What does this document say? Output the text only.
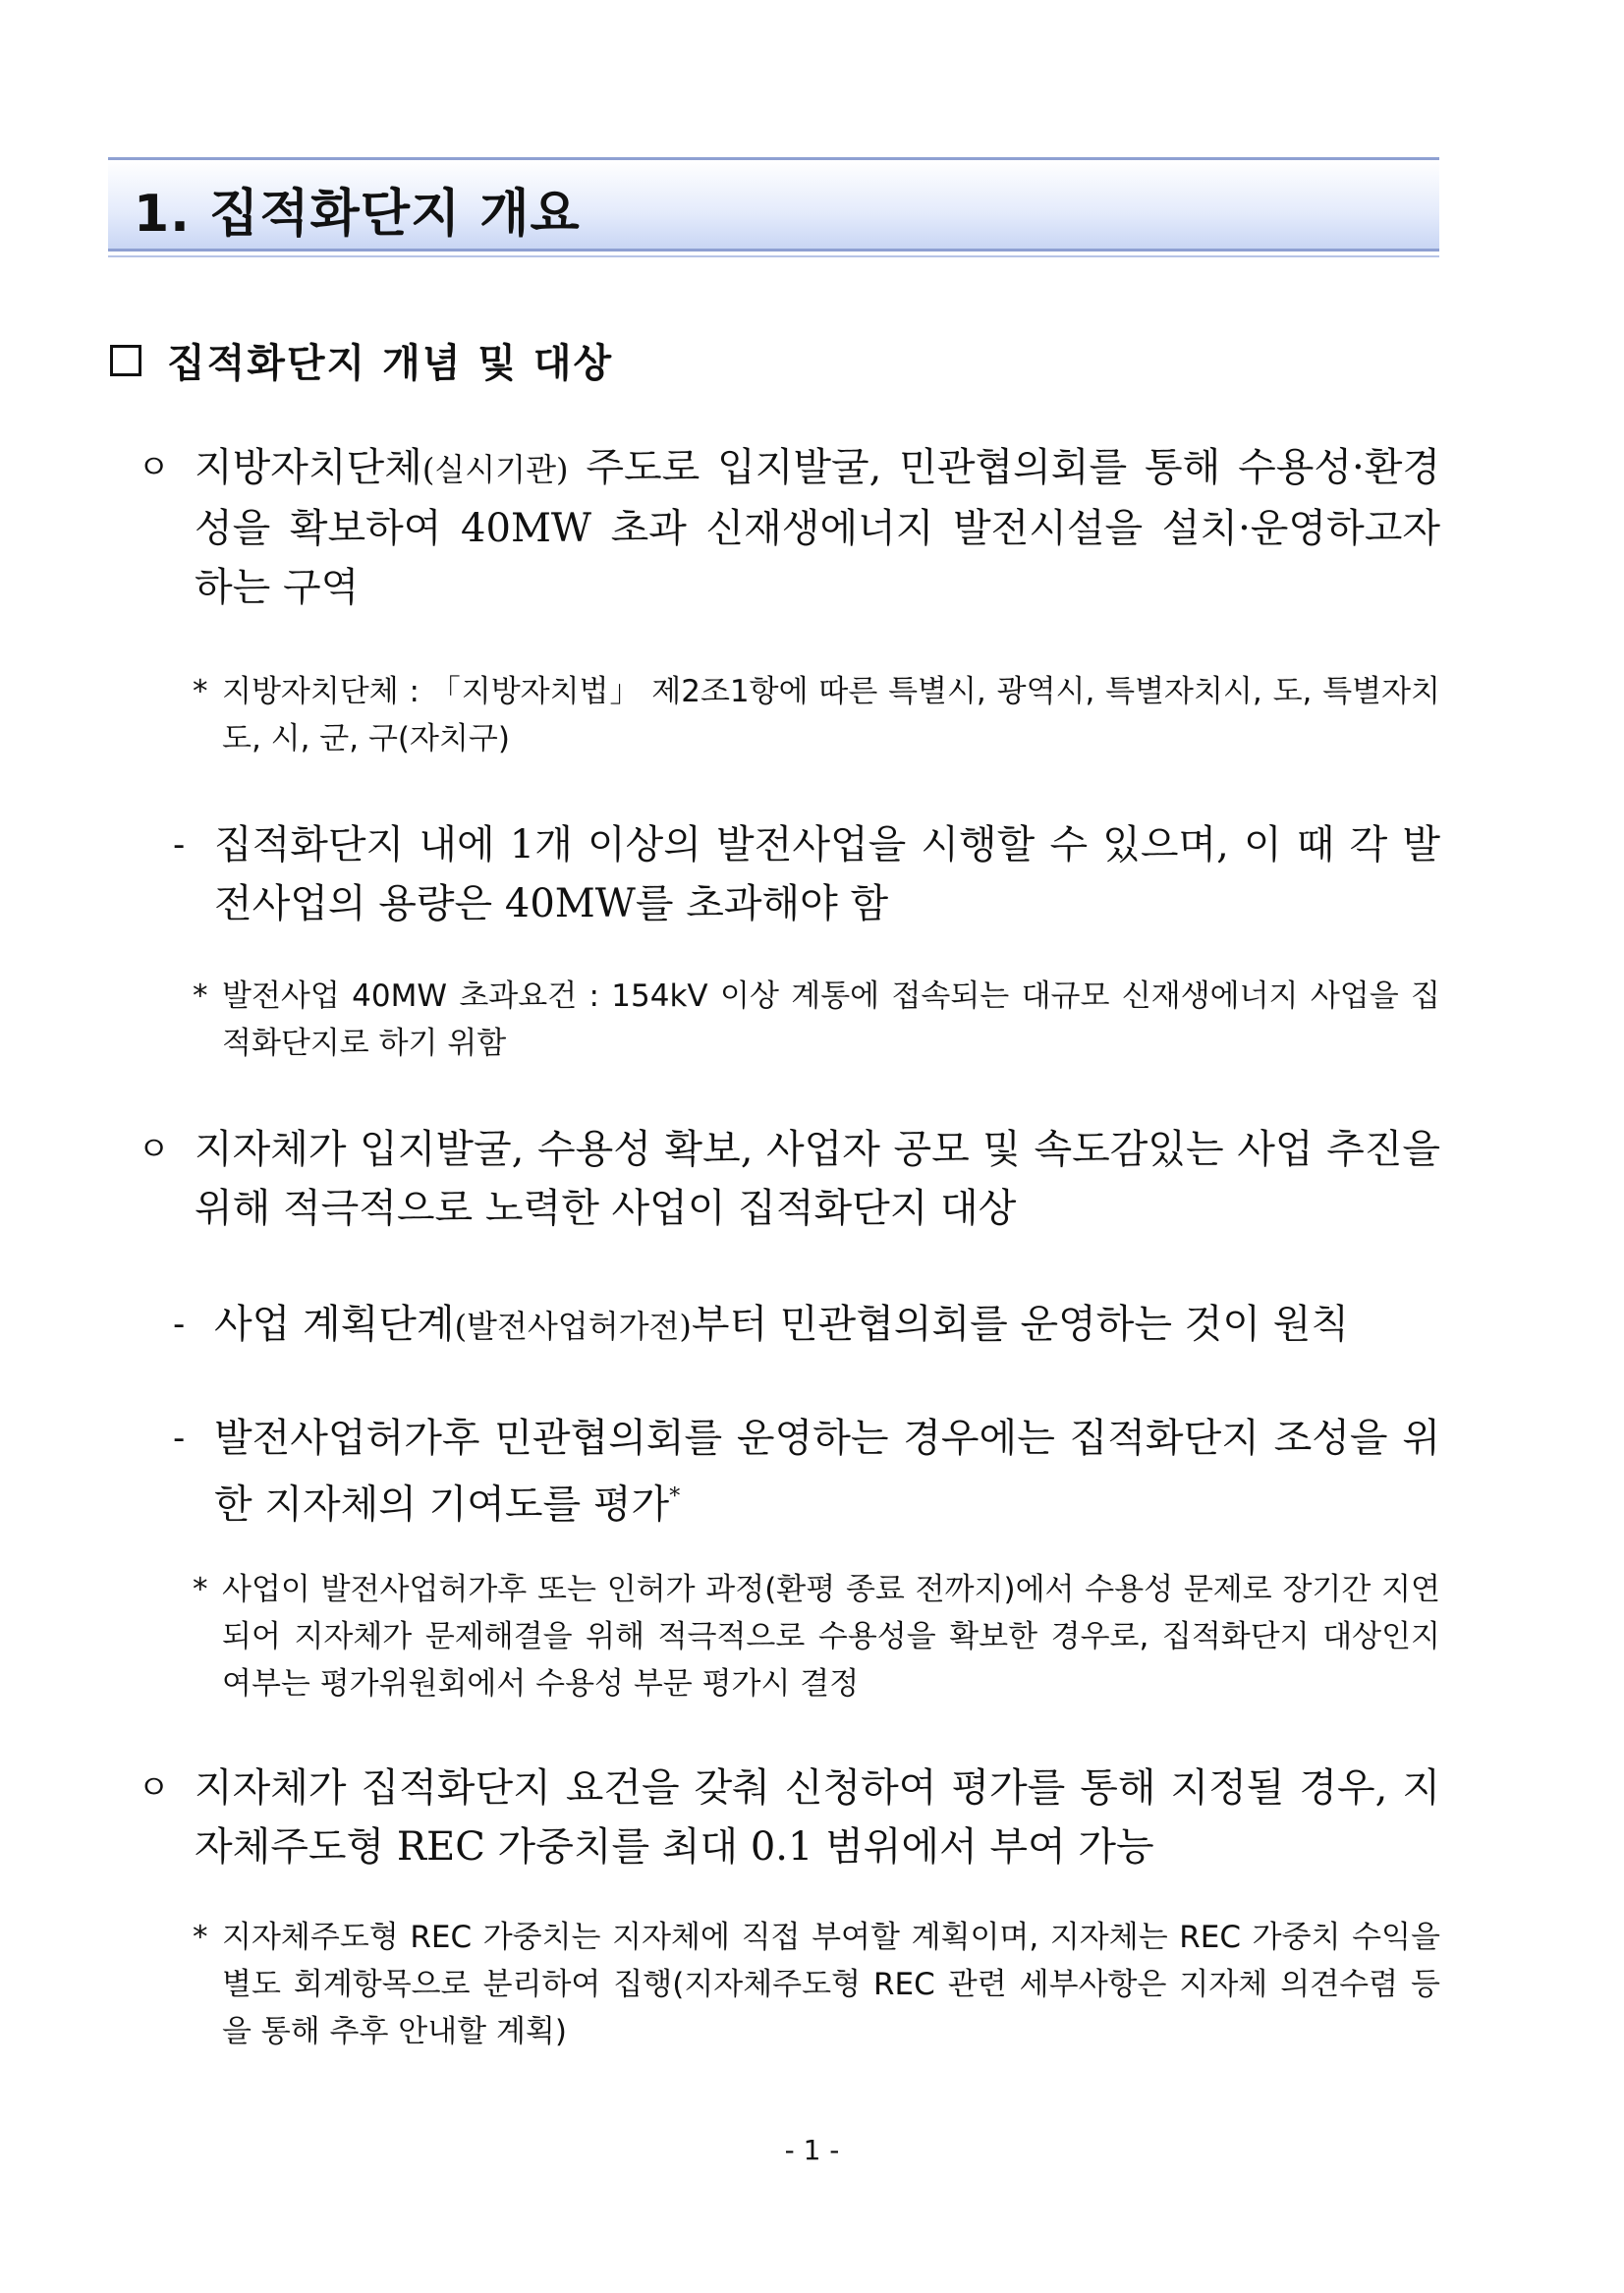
1. 집적화단지 개요
집적화단지 개념 및 대상
ㅇ 지방자치단체(실시기관) 주도로 입지발굴, 민관협의회를 통해 수용성·환경성을 확보하여 40MW 초과 신재생에너지 발전시설을 설치·운영하고자 하는 구역
* 지방자치단체 : 「지방자치법」 제2조1항에 따른 특별시, 광역시, 특별자치시, 도, 특별자치도, 시, 군, 구(자치구)
- 집적화단지 내에 1개 이상의 발전사업을 시행할 수 있으며, 이 때 각 발전사업의 용량은 40MW를 초과해야 함
* 발전사업 40MW 초과요건 : 154kV 이상 계통에 접속되는 대규모 신재생에너지 사업을 집적화단지로 하기 위함
ㅇ 지자체가 입지발굴, 수용성 확보, 사업자 공모 및 속도감있는 사업 추진을 위해 적극적으로 노력한 사업이 집적화단지 대상
- 사업 계획단계(발전사업허가전)부터 민관협의회를 운영하는 것이 원칙
- 발전사업허가후 민관협의회를 운영하는 경우에는 집적화단지 조성을 위한 지자체의 기여도를 평가*
* 사업이 발전사업허가후 또는 인허가 과정(환평 종료 전까지)에서 수용성 문제로 장기간 지연되어 지자체가 문제해결을 위해 적극적으로 수용성을 확보한 경우로, 집적화단지 대상인지 여부는 평가위원회에서 수용성 부문 평가시 결정
ㅇ 지자체가 집적화단지 요건을 갖춰 신청하여 평가를 통해 지정될 경우, 지자체주도형 REC 가중치를 최대 0.1 범위에서 부여 가능
* 지자체주도형 REC 가중치는 지자체에 직접 부여할 계획이며, 지자체는 REC 가중치 수익을 별도 회계항목으로 분리하여 집행(지자체주도형 REC 관련 세부사항은 지자체 의견수렴 등을 통해 추후 안내할 계획)
- 1 -
